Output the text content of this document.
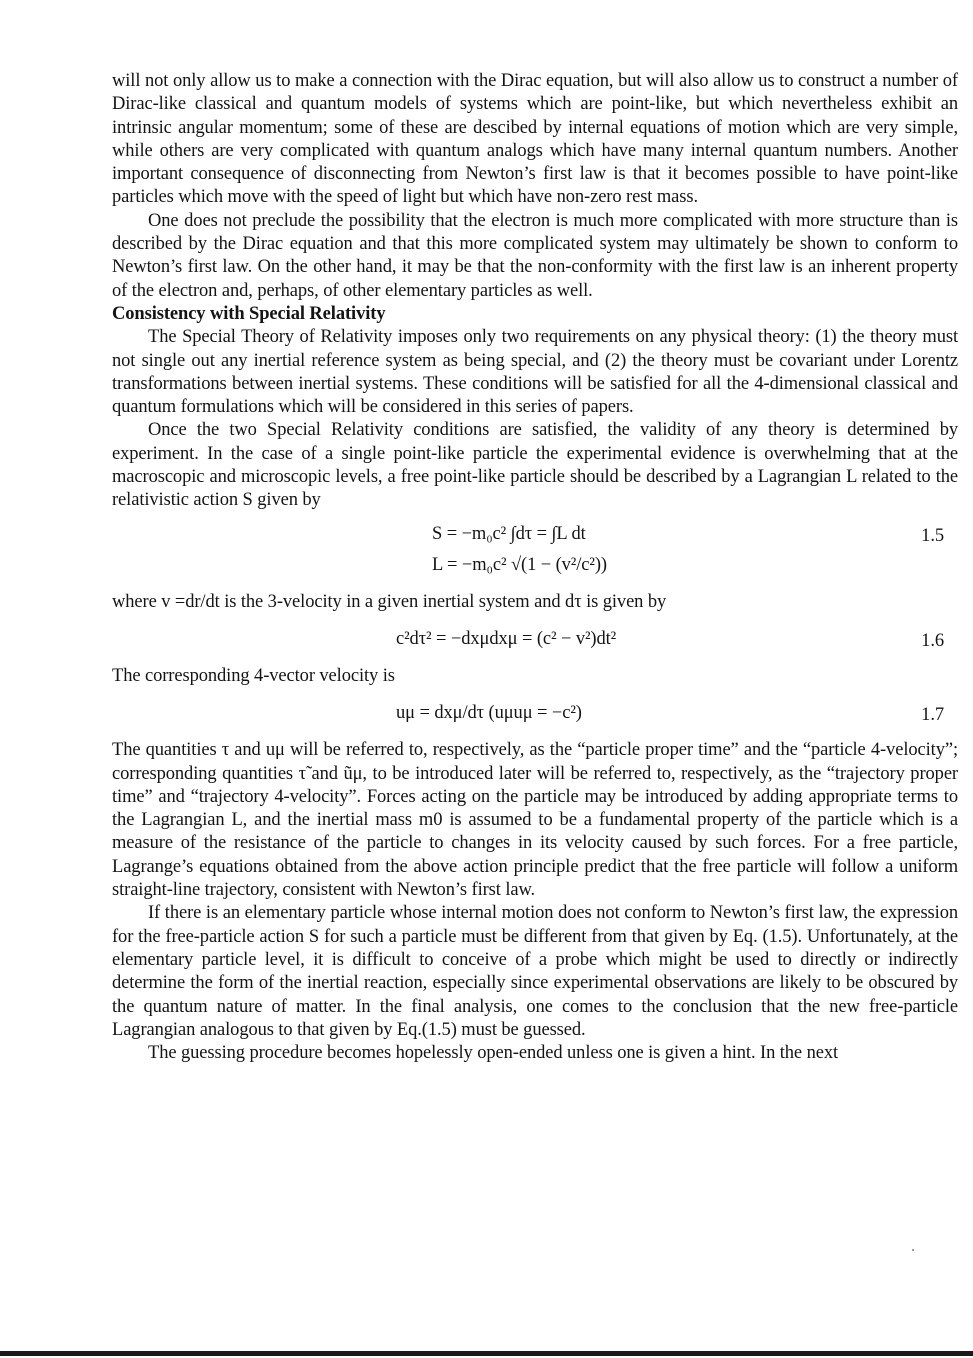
will not only allow us to make a connection with the Dirac equation, but will also allow us to construct a number of Dirac-like classical and quantum models of systems which are point-like, but which nevertheless exhibit an intrinsic angular momentum; some of these are descibed by internal equations of motion which are very simple, while others are very complicated with quantum analogs which have many internal quantum numbers. Another important consequence of disconnecting from Newton’s first law is that it becomes possible to have point-like particles which move with the speed of light but which have non-zero rest mass.

One does not preclude the possibility that the electron is much more complicated with more structure than is described by the Dirac equation and that this more complicated system may ultimately be shown to conform to Newton’s first law. On the other hand, it may be that the non-conformity with the first law is an inherent property of the electron and, perhaps, of other elementary particles as well.

Consistency with Special Relativity

The Special Theory of Relativity imposes only two requirements on any physical theory: (1) the theory must not single out any inertial reference system as being special, and (2) the theory must be covariant under Lorentz transformations between inertial systems. These conditions will be satisfied for all the 4-dimensional classical and quantum formulations which will be considered in this series of papers.

Once the two Special Relativity conditions are satisfied, the validity of any theory is determined by experiment. In the case of a single point-like particle the experimental evidence is overwhelming that at the macroscopic and microscopic levels, a free point-like particle should be described by a Lagrangian L related to the relativistic action S given by

S = −m₀c² ∫dτ = ∫L dt	1.5
L = −m₀c² √(1 − (v²/c²))

where v =dr/dt is the 3-velocity in a given inertial system and dτ is given by

c²dτ² = −dxμdxμ = (c² − v²)dt²	1.6

The corresponding 4-vector velocity is

uμ = dxμ/dτ (uμuμ = −c²)	1.7

The quantities τ and uμ will be referred to, respectively, as the “particle proper time” and the “particle 4-velocity”; corresponding quantities τ̃ and ũμ, to be introduced later will be referred to, respectively, as the “trajectory proper time” and “trajectory 4-velocity”. Forces acting on the particle may be introduced by adding appropriate terms to the Lagrangian L, and the inertial mass m0 is assumed to be a fundamental property of the particle which is a measure of the resistance of the particle to changes in its velocity caused by such forces. For a free particle, Lagrange’s equations obtained from the above action principle predict that the free particle will follow a uniform straight-line trajectory, consistent with Newton’s first law.

If there is an elementary particle whose internal motion does not conform to Newton’s first law, the expression for the free-particle action S for such a particle must be different from that given by Eq. (1.5). Unfortunately, at the elementary particle level, it is difficult to conceive of a probe which might be used to directly or indirectly determine the form of the inertial reaction, especially since experimental observations are likely to be obscured by the quantum nature of matter. In the final analysis, one comes to the conclusion that the new free-particle Lagrangian analogous to that given by Eq.(1.5) must be guessed.

The guessing procedure becomes hopelessly open-ended unless one is given a hint. In the next
